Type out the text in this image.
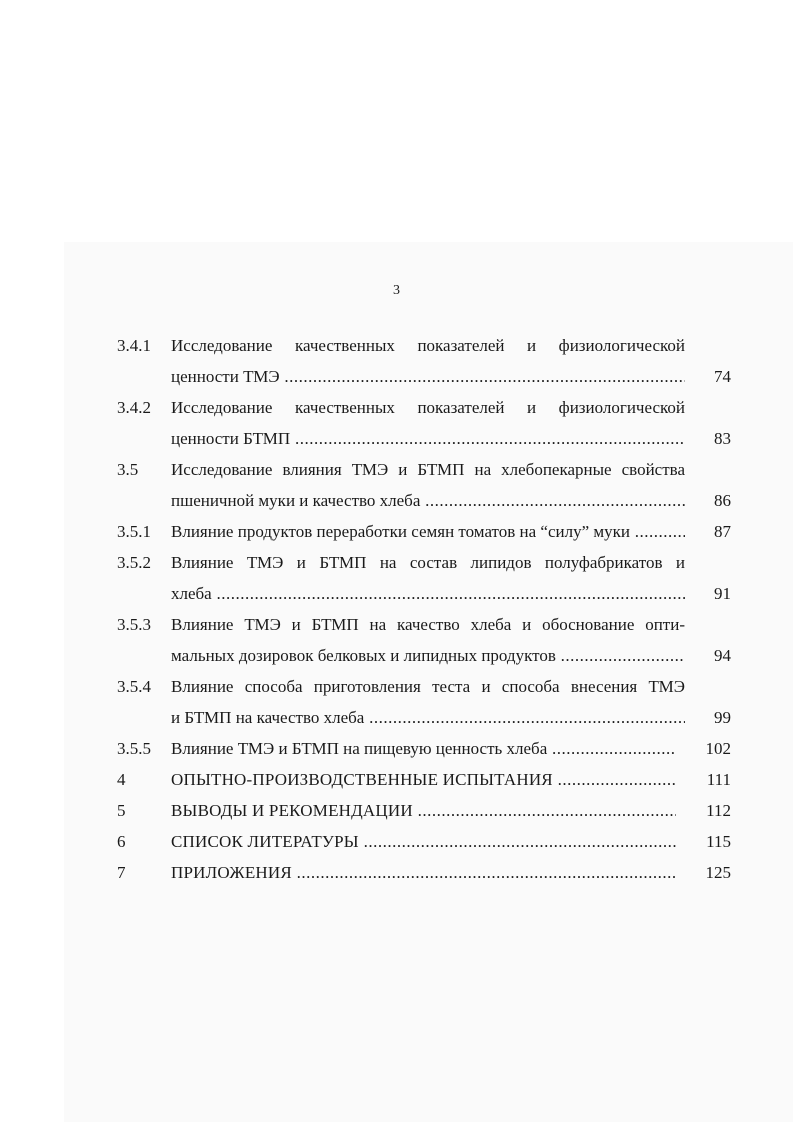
3
3.4.1 Исследование качественных показателей и физиологической
ценности ТМЭ .....	74
3.4.2 Исследование качественных показателей и физиологической
ценности БТМП .....	83
3.5 Исследование влияния ТМЭ и БТМП на хлебопекарные свойства
пшеничной муки и качество хлеба .....	86
3.5.1 Влияние продуктов переработки семян томатов на “силу” муки .....	87
3.5.2 Влияние ТМЭ и БТМП на состав липидов полуфабрикатов и
хлеба .....	91
3.5.3 Влияние ТМЭ и БТМП на качество хлеба и обоснование опти-
мальных дозировок белковых и липидных продуктов .....	94
3.5.4 Влияние способа приготовления теста и способа внесения ТМЭ
и БТМП на качество хлеба .....	99
3.5.5 Влияние ТМЭ и БТМП на пищевую ценность хлеба .....	102
4	ОПЫТНО-ПРОИЗВОДСТВЕННЫЕ ИСПЫТАНИЯ .....	111
5	ВЫВОДЫ И РЕКОМЕНДАЦИИ .....	112
6	СПИСОК ЛИТЕРАТУРЫ .....	115
7	ПРИЛОЖЕНИЯ .....	125
